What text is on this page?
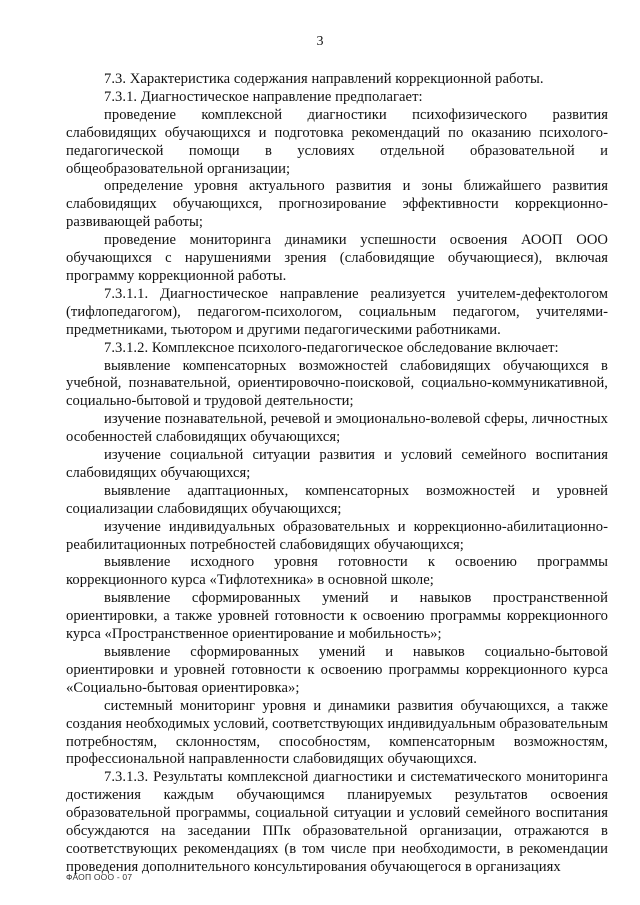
3

7.3. Характеристика содержания направлений коррекционной работы.

7.3.1. Диагностическое направление предполагает:

проведение комплексной диагностики психофизического развития слабовидящих обучающихся и подготовка рекомендаций по оказанию психолого-педагогической помощи в условиях отдельной образовательной и общеобразовательной организации;

определение уровня актуального развития и зоны ближайшего развития слабовидящих обучающихся, прогнозирование эффективности коррекционно-развивающей работы;

проведение мониторинга динамики успешности освоения АООП ООО обучающихся с нарушениями зрения (слабовидящие обучающиеся), включая программу коррекционной работы.

7.3.1.1. Диагностическое направление реализуется учителем-дефектологом (тифлопедагогом), педагогом-психологом, социальным педагогом, учителями-предметниками, тьютором и другими педагогическими работниками.

7.3.1.2. Комплексное психолого-педагогическое обследование включает:

выявление компенсаторных возможностей слабовидящих обучающихся в учебной, познавательной, ориентировочно-поисковой, социально-коммуникативной, социально-бытовой и трудовой деятельности;

изучение познавательной, речевой и эмоционально-волевой сферы, личностных особенностей слабовидящих обучающихся;

изучение социальной ситуации развития и условий семейного воспитания слабовидящих обучающихся;

выявление адаптационных, компенсаторных возможностей и уровней социализации слабовидящих обучающихся;

изучение индивидуальных образовательных и коррекционно-абилитационно-реабилитационных потребностей слабовидящих обучающихся;

выявление исходного уровня готовности к освоению программы коррекционного курса «Тифлотехника» в основной школе;

выявление сформированных умений и навыков пространственной ориентировки, а также уровней готовности к освоению программы коррекционного курса «Пространственное ориентирование и мобильность»;

выявление сформированных умений и навыков социально-бытовой ориентировки и уровней готовности к освоению программы коррекционного курса «Социально-бытовая ориентировка»;

системный мониторинг уровня и динамики развития обучающихся, а также создания необходимых условий, соответствующих индивидуальным образовательным потребностям, склонностям, способностям, компенсаторным возможностям, профессиональной направленности слабовидящих обучающихся.

7.3.1.3. Результаты комплексной диагностики и систематического мониторинга достижения каждым обучающимся планируемых результатов освоения образовательной программы, социальной ситуации и условий семейного воспитания обсуждаются на заседании ППк образовательной организации, отражаются в соответствующих рекомендациях (в том числе при необходимости, в рекомендации проведения дополнительного консультирования обучающегося в организациях

ФАОП ООО - 07
